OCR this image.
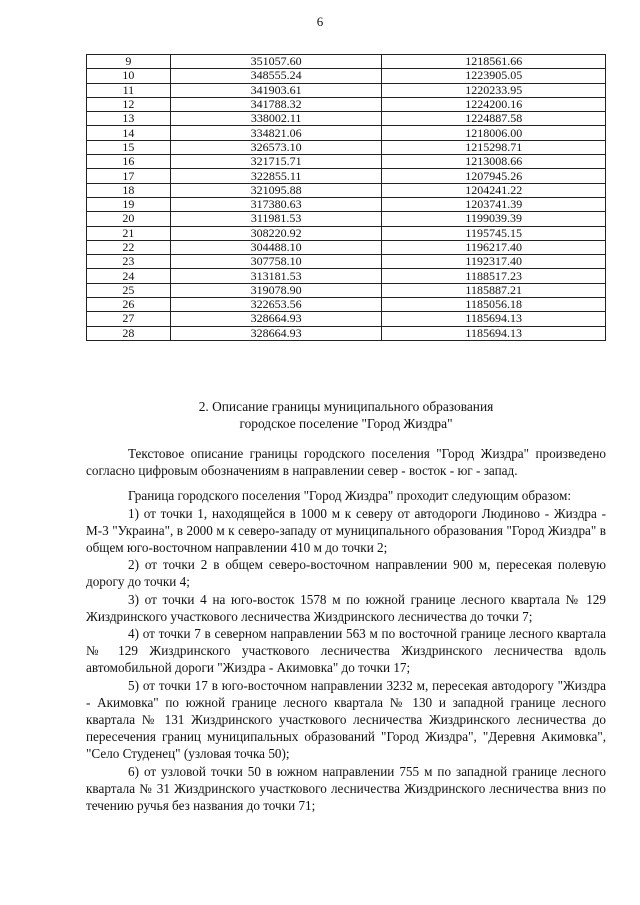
6
9	351057.60	1218561.66
10	348555.24	1223905.05
11	341903.61	1220233.95
12	341788.32	1224200.16
13	338002.11	1224887.58
14	334821.06	1218006.00
15	326573.10	1215298.71
16	321715.71	1213008.66
17	322855.11	1207945.26
18	321095.88	1204241.22
19	317380.63	1203741.39
20	311981.53	1199039.39
21	308220.92	1195745.15
22	304488.10	1196217.40
23	307758.10	1192317.40
24	313181.53	1188517.23
25	319078.90	1185887.21
26	322653.56	1185056.18
27	328664.93	1185694.13
28	328664.93	1185694.13
2. Описание границы муниципального образования
городское поселение "Город Жиздра"

Текстовое описание границы городского поселения "Город Жиздра" произведено согласно цифровым обозначениям в направлении север - восток - юг - запад.

Граница городского поселения "Город Жиздра" проходит следующим образом:

1) от точки 1, находящейся в 1000 м к северу от автодороги Людиново - Жиздра - М-3 "Украина", в 2000 м к северо-западу от муниципального образования "Город Жиздра" в общем юго-восточном направлении 410 м до точки 2;

2) от точки 2 в общем северо-восточном направлении 900 м, пересекая полевую дорогу до точки 4;

3) от точки 4 на юго-восток 1578 м по южной границе лесного квартала № 129 Жиздринского участкового лесничества Жиздринского лесничества до точки 7;

4) от точки 7 в северном направлении 563 м по восточной границе лесного квартала № 129 Жиздринского участкового лесничества Жиздринского лесничества вдоль автомобильной дороги "Жиздра - Акимовка" до точки 17;

5) от точки 17 в юго-восточном направлении 3232 м, пересекая автодорогу "Жиздра - Акимовка" по южной границе лесного квартала № 130 и западной границе лесного квартала № 131 Жиздринского участкового лесничества Жиздринского лесничества до пересечения границ муниципальных образований "Город Жиздра", "Деревня Акимовка", "Село Студенец" (узловая точка 50);

6) от узловой точки 50 в южном направлении 755 м по западной границе лесного квартала № 31 Жиздринского участкового лесничества Жиздринского лесничества вниз по течению ручья без названия до точки 71;
